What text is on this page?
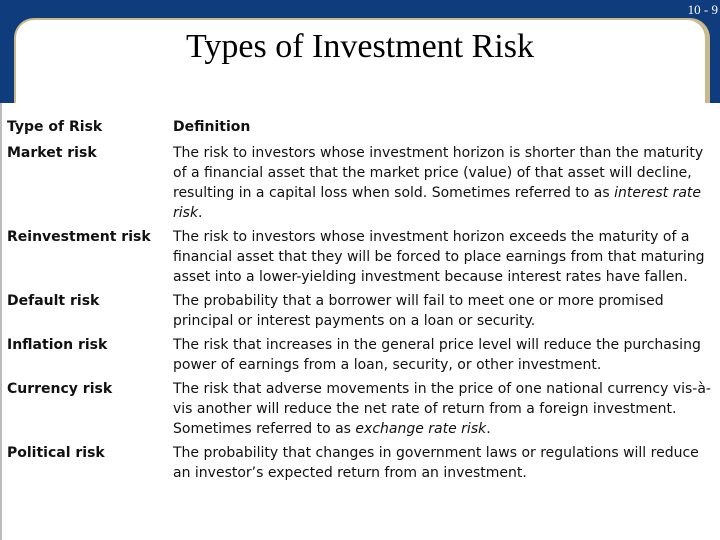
10 - 9
Types of Investment Risk
Type of Risk	Definition
Market risk	The risk to investors whose investment horizon is shorter than the maturity of a financial asset that the market price (value) of that asset will decline, resulting in a capital loss when sold. Sometimes referred to as interest rate risk.
Reinvestment risk	The risk to investors whose investment horizon exceeds the maturity of a financial asset that they will be forced to place earnings from that maturing asset into a lower-yielding investment because interest rates have fallen.
Default risk	The probability that a borrower will fail to meet one or more promised principal or interest payments on a loan or security.
Inflation risk	The risk that increases in the general price level will reduce the purchasing power of earnings from a loan, security, or other investment.
Currency risk	The risk that adverse movements in the price of one national currency vis-à-vis another will reduce the net rate of return from a foreign investment. Sometimes referred to as exchange rate risk.
Political risk	The probability that changes in government laws or regulations will reduce an investor’s expected return from an investment.
